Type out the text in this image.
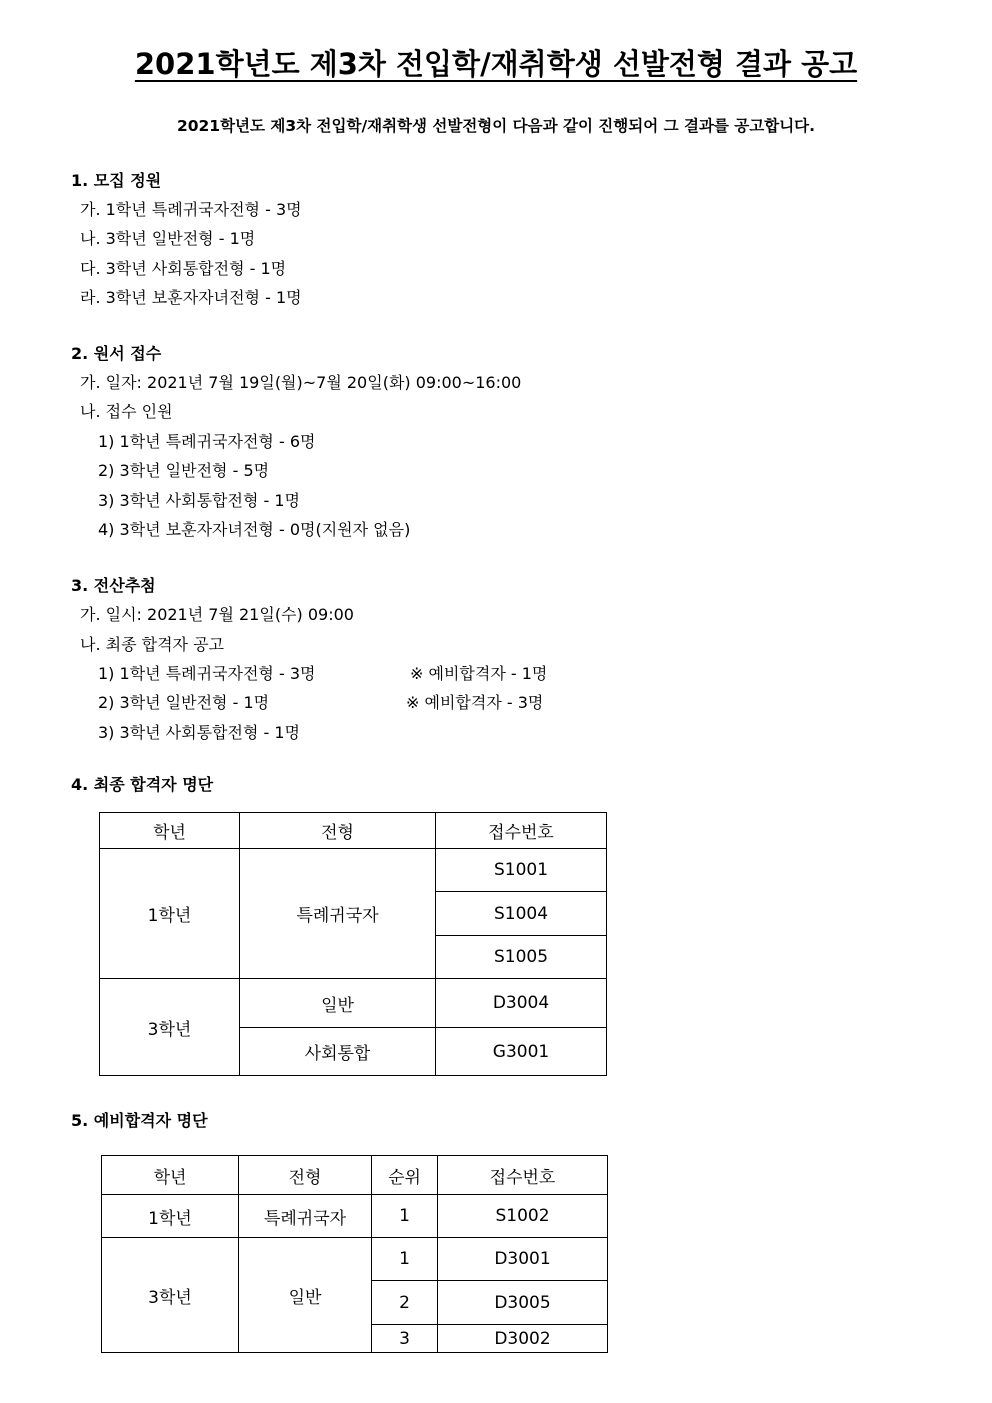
2021학년도 제3차 전입학/재취학생 선발전형 결과 공고
2021학년도 제3차 전입학/재취학생 선발전형이 다음과 같이 진행되어 그 결과를 공고합니다.
1. 모집 정원
가. 1학년 특례귀국자전형 - 3명
나. 3학년 일반전형 - 1명
다. 3학년 사회통합전형 - 1명
라. 3학년 보훈자자녀전형 - 1명
2. 원서 접수
가. 일자: 2021년 7월 19일(월)~7월 20일(화) 09:00~16:00
나. 접수 인원
1) 1학년 특례귀국자전형 - 6명
2) 3학년 일반전형 - 5명
3) 3학년 사회통합전형 - 1명
4) 3학년 보훈자자녀전형 - 0명(지원자 없음)
3. 전산추첨
가. 일시: 2021년 7월 21일(수) 09:00
나. 최종 합격자 공고
1) 1학년 특례귀국자전형 - 3명	※ 예비합격자 - 1명
2) 3학년 일반전형 - 1명	※ 예비합격자 - 3명
3) 3학년 사회통합전형 - 1명
4. 최종 합격자 명단
학년	전형	접수번호
1학년	특례귀국자	S1001
		S1004
		S1005
3학년	일반	D3004
	사회통합	G3001
5. 예비합격자 명단
학년	전형	순위	접수번호
1학년	특례귀국자	1	S1002
3학년	일반	1	D3001
		2	D3005
		3	D3002
